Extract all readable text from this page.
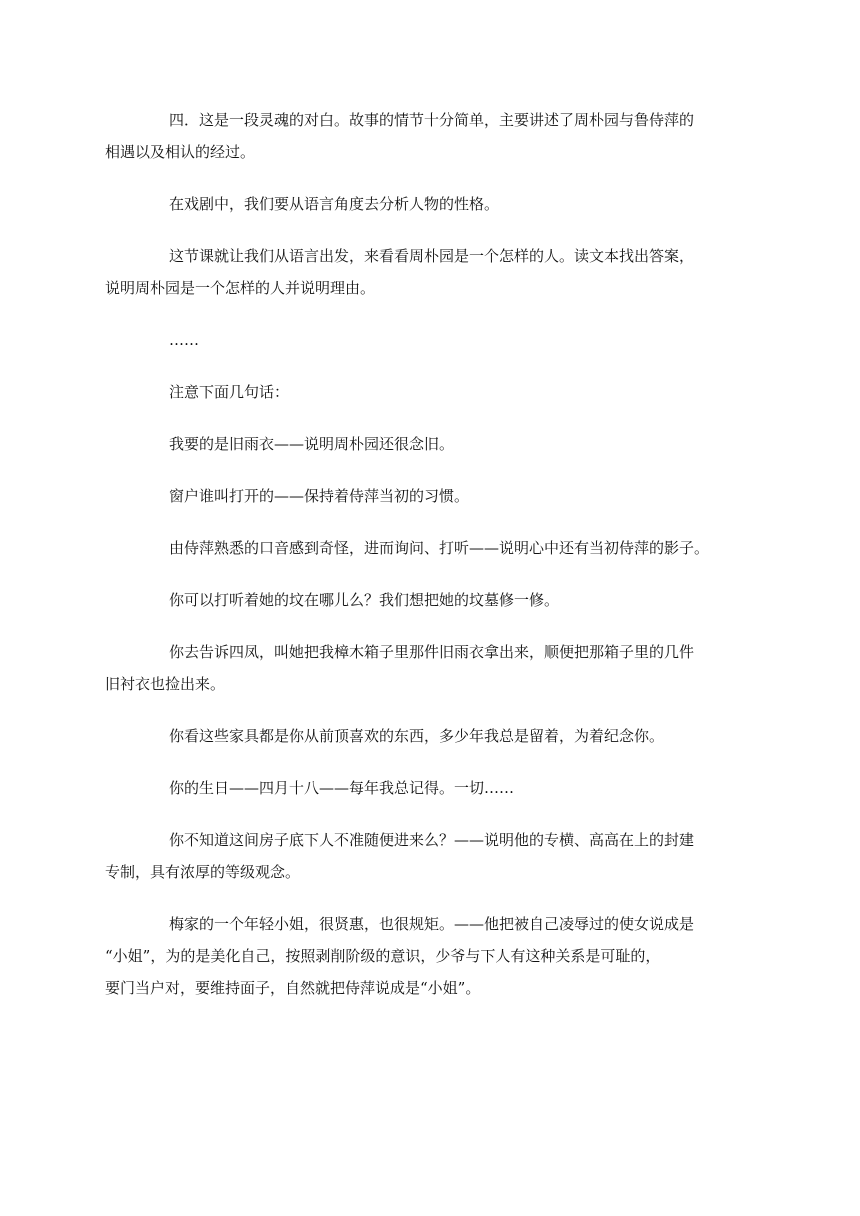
四．这是一段灵魂的对白。故事的情节十分简单，主要讲述了周朴园与鲁侍萍的
相遇以及相认的经过。

在戏剧中，我们要从语言角度去分析人物的性格。

这节课就让我们从语言出发，来看看周朴园是一个怎样的人。读文本找出答案，
说明周朴园是一个怎样的人并说明理由。

……

注意下面几句话：

我要的是旧雨衣——说明周朴园还很念旧。

窗户谁叫打开的——保持着侍萍当初的习惯。

由侍萍熟悉的口音感到奇怪，进而询问、打听——说明心中还有当初侍萍的影子。

你可以打听着她的坟在哪儿么？我们想把她的坟墓修一修。

你去告诉四凤，叫她把我樟木箱子里那件旧雨衣拿出来，顺便把那箱子里的几件
旧衬衣也捡出来。

你看这些家具都是你从前顶喜欢的东西，多少年我总是留着，为着纪念你。

你的生日——四月十八——每年我总记得。一切……

你不知道这间房子底下人不准随便进来么？——说明他的专横、高高在上的封建
专制，具有浓厚的等级观念。

梅家的一个年轻小姐，很贤惠，也很规矩。——他把被自己凌辱过的使女说成是
“小姐”，为的是美化自己，按照剥削阶级的意识，少爷与下人有这种关系是可耻的，
要门当户对，要维持面子，自然就把侍萍说成是“小姐”。
